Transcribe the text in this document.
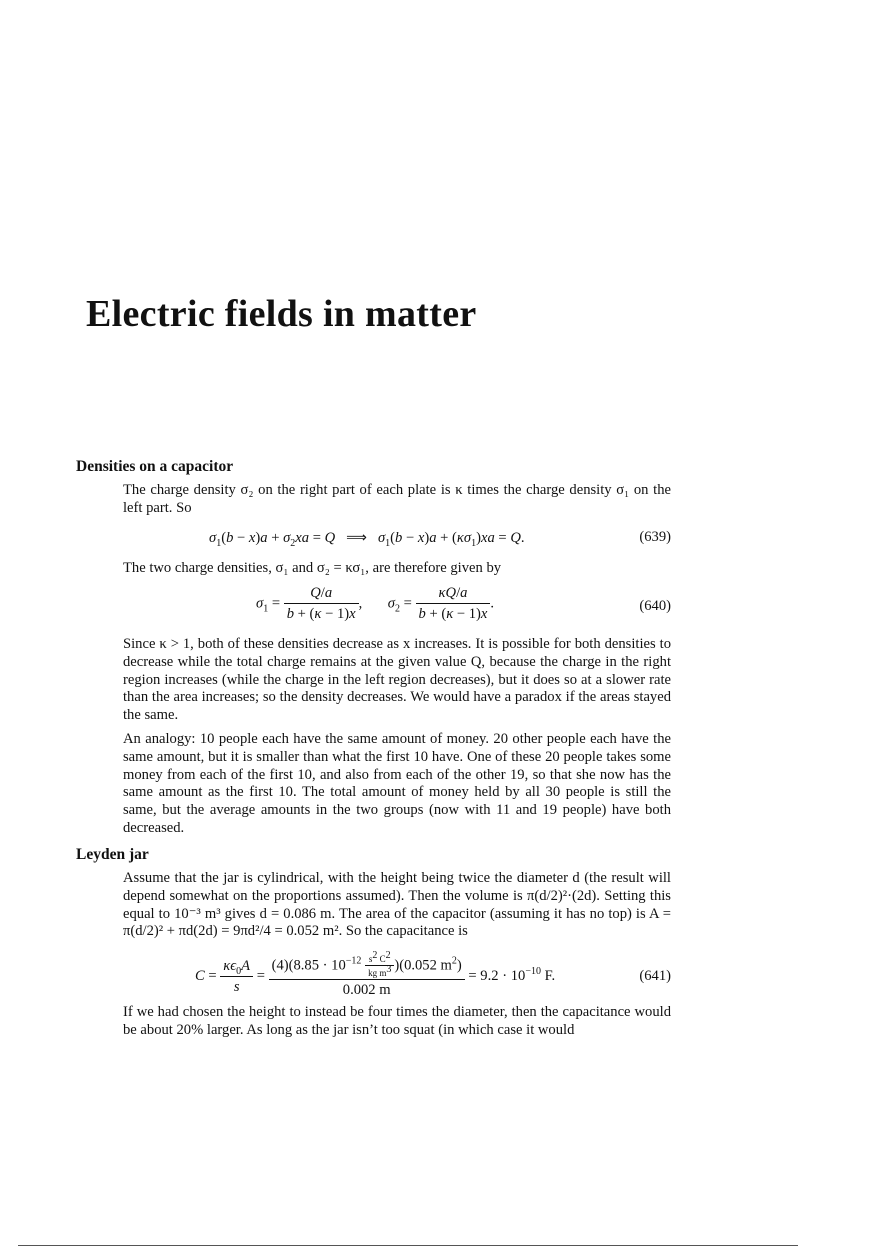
Electric fields in matter
Densities on a capacitor

The charge density σ₂ on the right part of each plate is κ times the charge density σ₁ on the left part. So

$\sigma_1(b - x)a + \sigma_2xa = Q$   ⟹   $\sigma_1(b - x)a + (\kappa\sigma_1)xa = Q$.	(639)

The two charge densities, σ₁ and σ₂ = κσ₁, are therefore given by

$\sigma_1 = \frac{Q/a}{b + (\kappa - 1)x}$ ,       $\sigma_2 = \frac{\kappa Q/a}{b + (\kappa - 1)x}$ .	(640)

Since κ > 1, both of these densities decrease as x increases. It is possible for both densities to decrease while the total charge remains at the given value Q, because the charge in the right region increases (while the charge in the left region decreases), but it does so at a slower rate than the area increases; so the density decreases. We would have a paradox if the areas stayed the same.

An analogy: 10 people each have the same amount of money. 20 other people each have the same amount, but it is smaller than what the first 10 have. One of these 20 people takes some money from each of the first 10, and also from each of the other 19, so that she now has the same amount as the first 10. The total amount of money held by all 30 people is still the same, but the average amounts in the two groups (now with 11 and 19 people) have both decreased.

Leyden jar

Assume that the jar is cylindrical, with the height being twice the diameter d (the result will depend somewhat on the proportions assumed). Then the volume is π(d/2)²·(2d). Setting this equal to 10⁻³ m³ gives d = 0.086 m. The area of the capacitor (assuming it has no top) is A = π(d/2)² + πd(2d) = 9πd²/4 = 0.052 m². So the capacitance is

$C = \frac{\kappa\epsilon_0A}{s} = \frac{(4)(8.85 \cdot 10^{-12} \frac{s^2 C^2}{kg m^3} )(0.052 m^2)}{0.002 m} = 9.2 \cdot 10^{-10}$ F.	(641)

If we had chosen the height to instead be four times the diameter, then the capacitance would be about 20% larger. As long as the jar isn’t too squat (in which case it would
